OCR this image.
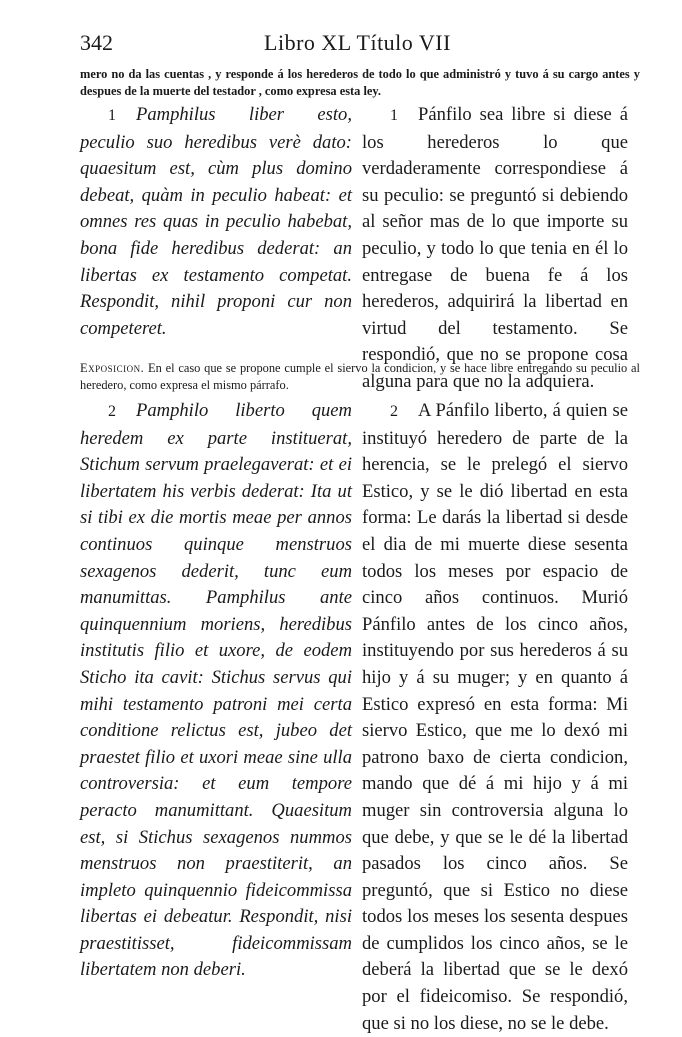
342	Libro XL Título VII
mero no da las cuentas , y responde á los herederos de todo lo que administró y tuvo á su cargo antes y despues de la muerte del testador , como expresa esta ley.

1 Pamphilus liber esto, peculio suo heredibus verè dato: quaesitum est, cùm plus domino debeat, quàm in peculio habeat: et omnes res quas in peculio habebat, bona fide heredibus dederat: an libertas ex testamento competat. Respondit, nihil proponi cur non competeret.

1 Pánfilo sea libre si diese á los herederos lo que verdaderamente correspondiese á su peculio: se preguntó si debiendo al señor mas de lo que importe su peculio, y todo lo que tenia en él lo entregase de buena fe á los herederos, adquirirá la libertad en virtud del testamento. Se respondió, que no se propone cosa alguna para que no la adquiera.

Exposicion. En el caso que se propone cumple el siervo la condicion, y se hace libre entregando su peculio al heredero, como expresa el mismo párrafo.

2 Pamphilo liberto quem heredem ex parte instituerat, Stichum servum praelegaverat: et ei libertatem his verbis dederat: Ita ut si tibi ex die mortis meae per annos continuos quinque menstruos sexagenos dederit, tunc eum manumittas. Pamphilus ante quinquennium moriens, heredibus institutis filio et uxore, de eodem Sticho ita cavit: Stichus servus qui mihi testamento patroni mei certa conditione relictus est, jubeo det praestet filio et uxori meae sine ulla controversia: et eum tempore peracto manumittant. Quaesitum est, si Stichus sexagenos nummos menstruos non praestiterit, an impleto quinquennio fideicommissa libertas ei debeatur. Respondit, nisi praestitisset, fideicommissam libertatem non deberi.

2 A Pánfilo liberto, á quien se instituyó heredero de parte de la herencia, se le prelegó el siervo Estico, y se le dió libertad en esta forma: Le darás la libertad si desde el dia de mi muerte diese sesenta todos los meses por espacio de cinco años continuos. Murió Pánfilo antes de los cinco años, instituyendo por sus herederos á su hijo y á su muger; y en quanto á Estico expresó en esta forma: Mi siervo Estico, que me lo dexó mi patrono baxo de cierta condicion, mando que dé á mi hijo y á mi muger sin controversia alguna lo que debe, y que se le dé la libertad pasados los cinco años. Se preguntó, que si Estico no diese todos los meses los sesenta despues de cumplidos los cinco años, se le deberá la libertad que se le dexó por el fideicomiso. Se respondió, que si no los diese, no se le debe.
